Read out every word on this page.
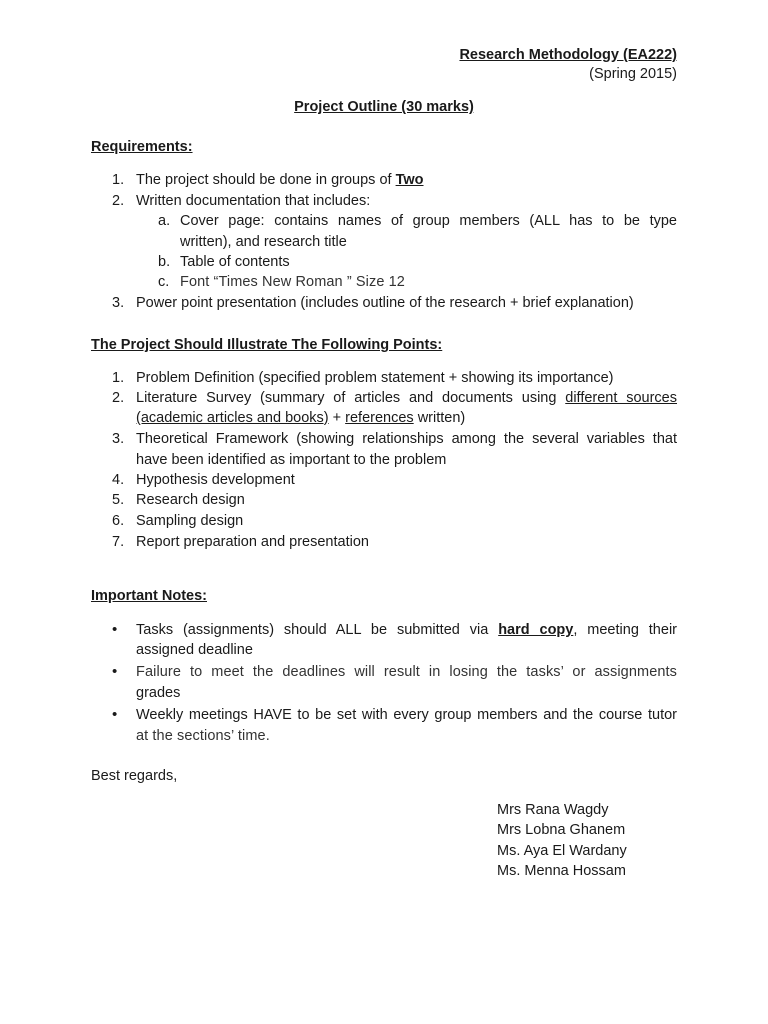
Research Methodology (EA222)
(Spring 2015)
Project Outline (30 marks)
Requirements:
1. The project should be done in groups of Two
2. Written documentation that includes:
a. Cover page: contains names of group members (ALL has to be type
written), and research title
b. Table of contents
c. Font “Times New Roman ” Size 12
3. Power point presentation (includes outline of the research + brief explanation)
The Project Should Illustrate The Following Points:
1. Problem Definition (specified problem statement + showing its importance)
2. Literature Survey (summary of articles and documents using different sources
(academic articles and books) + references written)
3. Theoretical Framework (showing relationships among the several variables that
have been identified as important to the problem
4. Hypothesis development
5. Research design
6. Sampling design
7. Report preparation and presentation
Important Notes:
• Tasks (assignments) should ALL be submitted via hard copy, meeting their
assigned deadline
• Failure to meet the deadlines will result in losing the tasks’ or assignments
grades
• Weekly meetings HAVE to be set with every group members and the course tutor
at the sections’ time.
Best regards,
Mrs Rana Wagdy
Mrs Lobna Ghanem
Ms. Aya El Wardany
Ms. Menna Hossam
